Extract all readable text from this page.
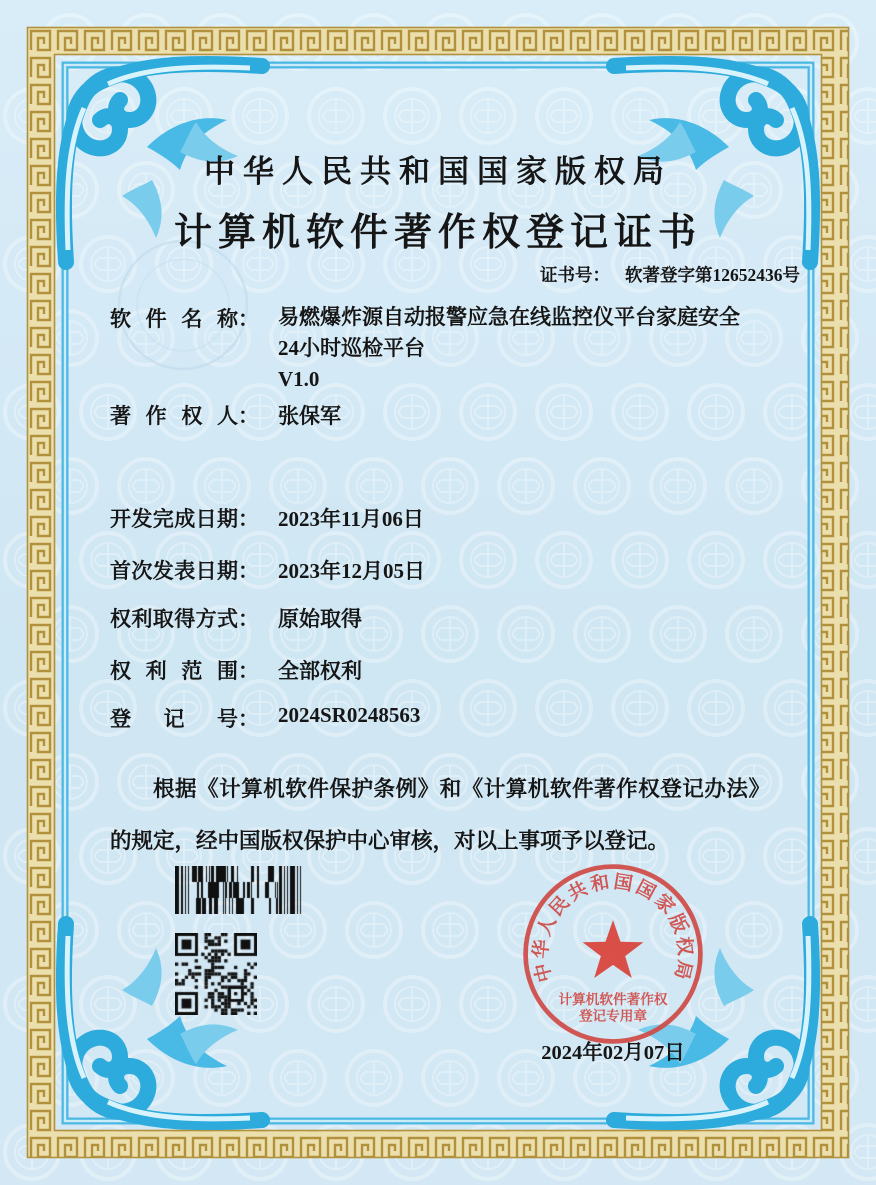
中华人民共和国国家版权局
计算机软件著作权登记证书
证书号： 软著登字第12652436号
软件名称 ： 易燃爆炸源自动报警应急在线监控仪平台家庭安全
24小时巡检平台
V1.0
著作权人 ： 张保军
开发完成日期 ： 2023年11月06日
首次发表日期 ： 2023年12月05日
权利取得方式 ： 原始取得
权利范围 ： 全部权利
登记号 ： 2024SR0248563

根据《计算机软件保护条例》和《计算机软件著作权登记办法》的规定，经中国版权保护中心审核，对以上事项予以登记。

2024年02月07日
中华人民共和国国家版权局
计算机软件著作权
登记专用章
